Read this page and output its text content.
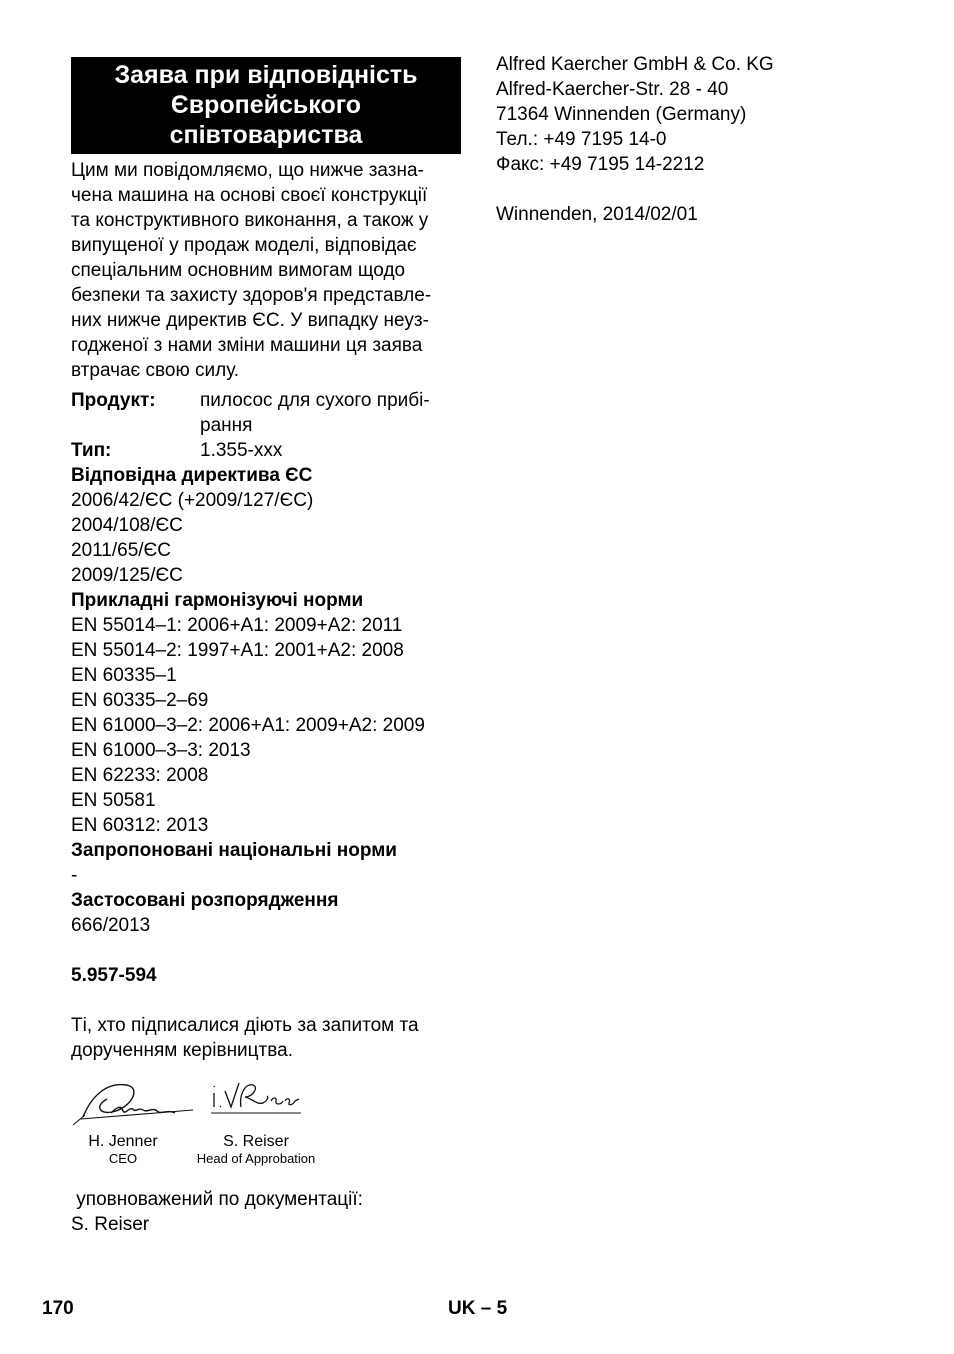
Заява при відповідність
Європейського
співтовариства
Цим ми повідомляємо, що нижче зазна-
чена машина на основі своєї конструкції
та конструктивного виконання, а також у
випущеної у продаж моделі, відповідає
спеціальним основним вимогам щодо
безпеки та захисту здоров'я представле-
них нижче директив ЄС. У випадку неуз-
годженої з нами зміни машини ця заява
втрачає свою силу.
Продукт:	пилосос для сухого прибі-
рання
Тип:	1.355-xxx
Відповідна директива ЄС
2006/42/ЄС (+2009/127/ЄС)
2004/108/ЄС
2011/65/ЄС
2009/125/ЄС
Прикладні гармонізуючі норми
EN 55014–1: 2006+A1: 2009+A2: 2011
EN 55014–2: 1997+A1: 2001+A2: 2008
EN 60335–1
EN 60335–2–69
EN 61000–3–2: 2006+A1: 2009+A2: 2009
EN 61000–3–3: 2013
EN 62233: 2008
EN 50581
EN 60312: 2013
Запропоновані національні норми
-
Застосовані розпорядження
666/2013
5.957-594
Ті, хто підписалися діють за запитом та
дорученням керівництва.
H. Jenner
CEO
S. Reiser
Head of Approbation
уповноважений по документації:
S. Reiser
Alfred Kaercher GmbH & Co. KG
Alfred-Kaercher-Str. 28 - 40
71364 Winnenden (Germany)
Тел.: +49 7195 14-0
Факс: +49 7195 14-2212
Winnenden, 2014/02/01
170	UK – 5
